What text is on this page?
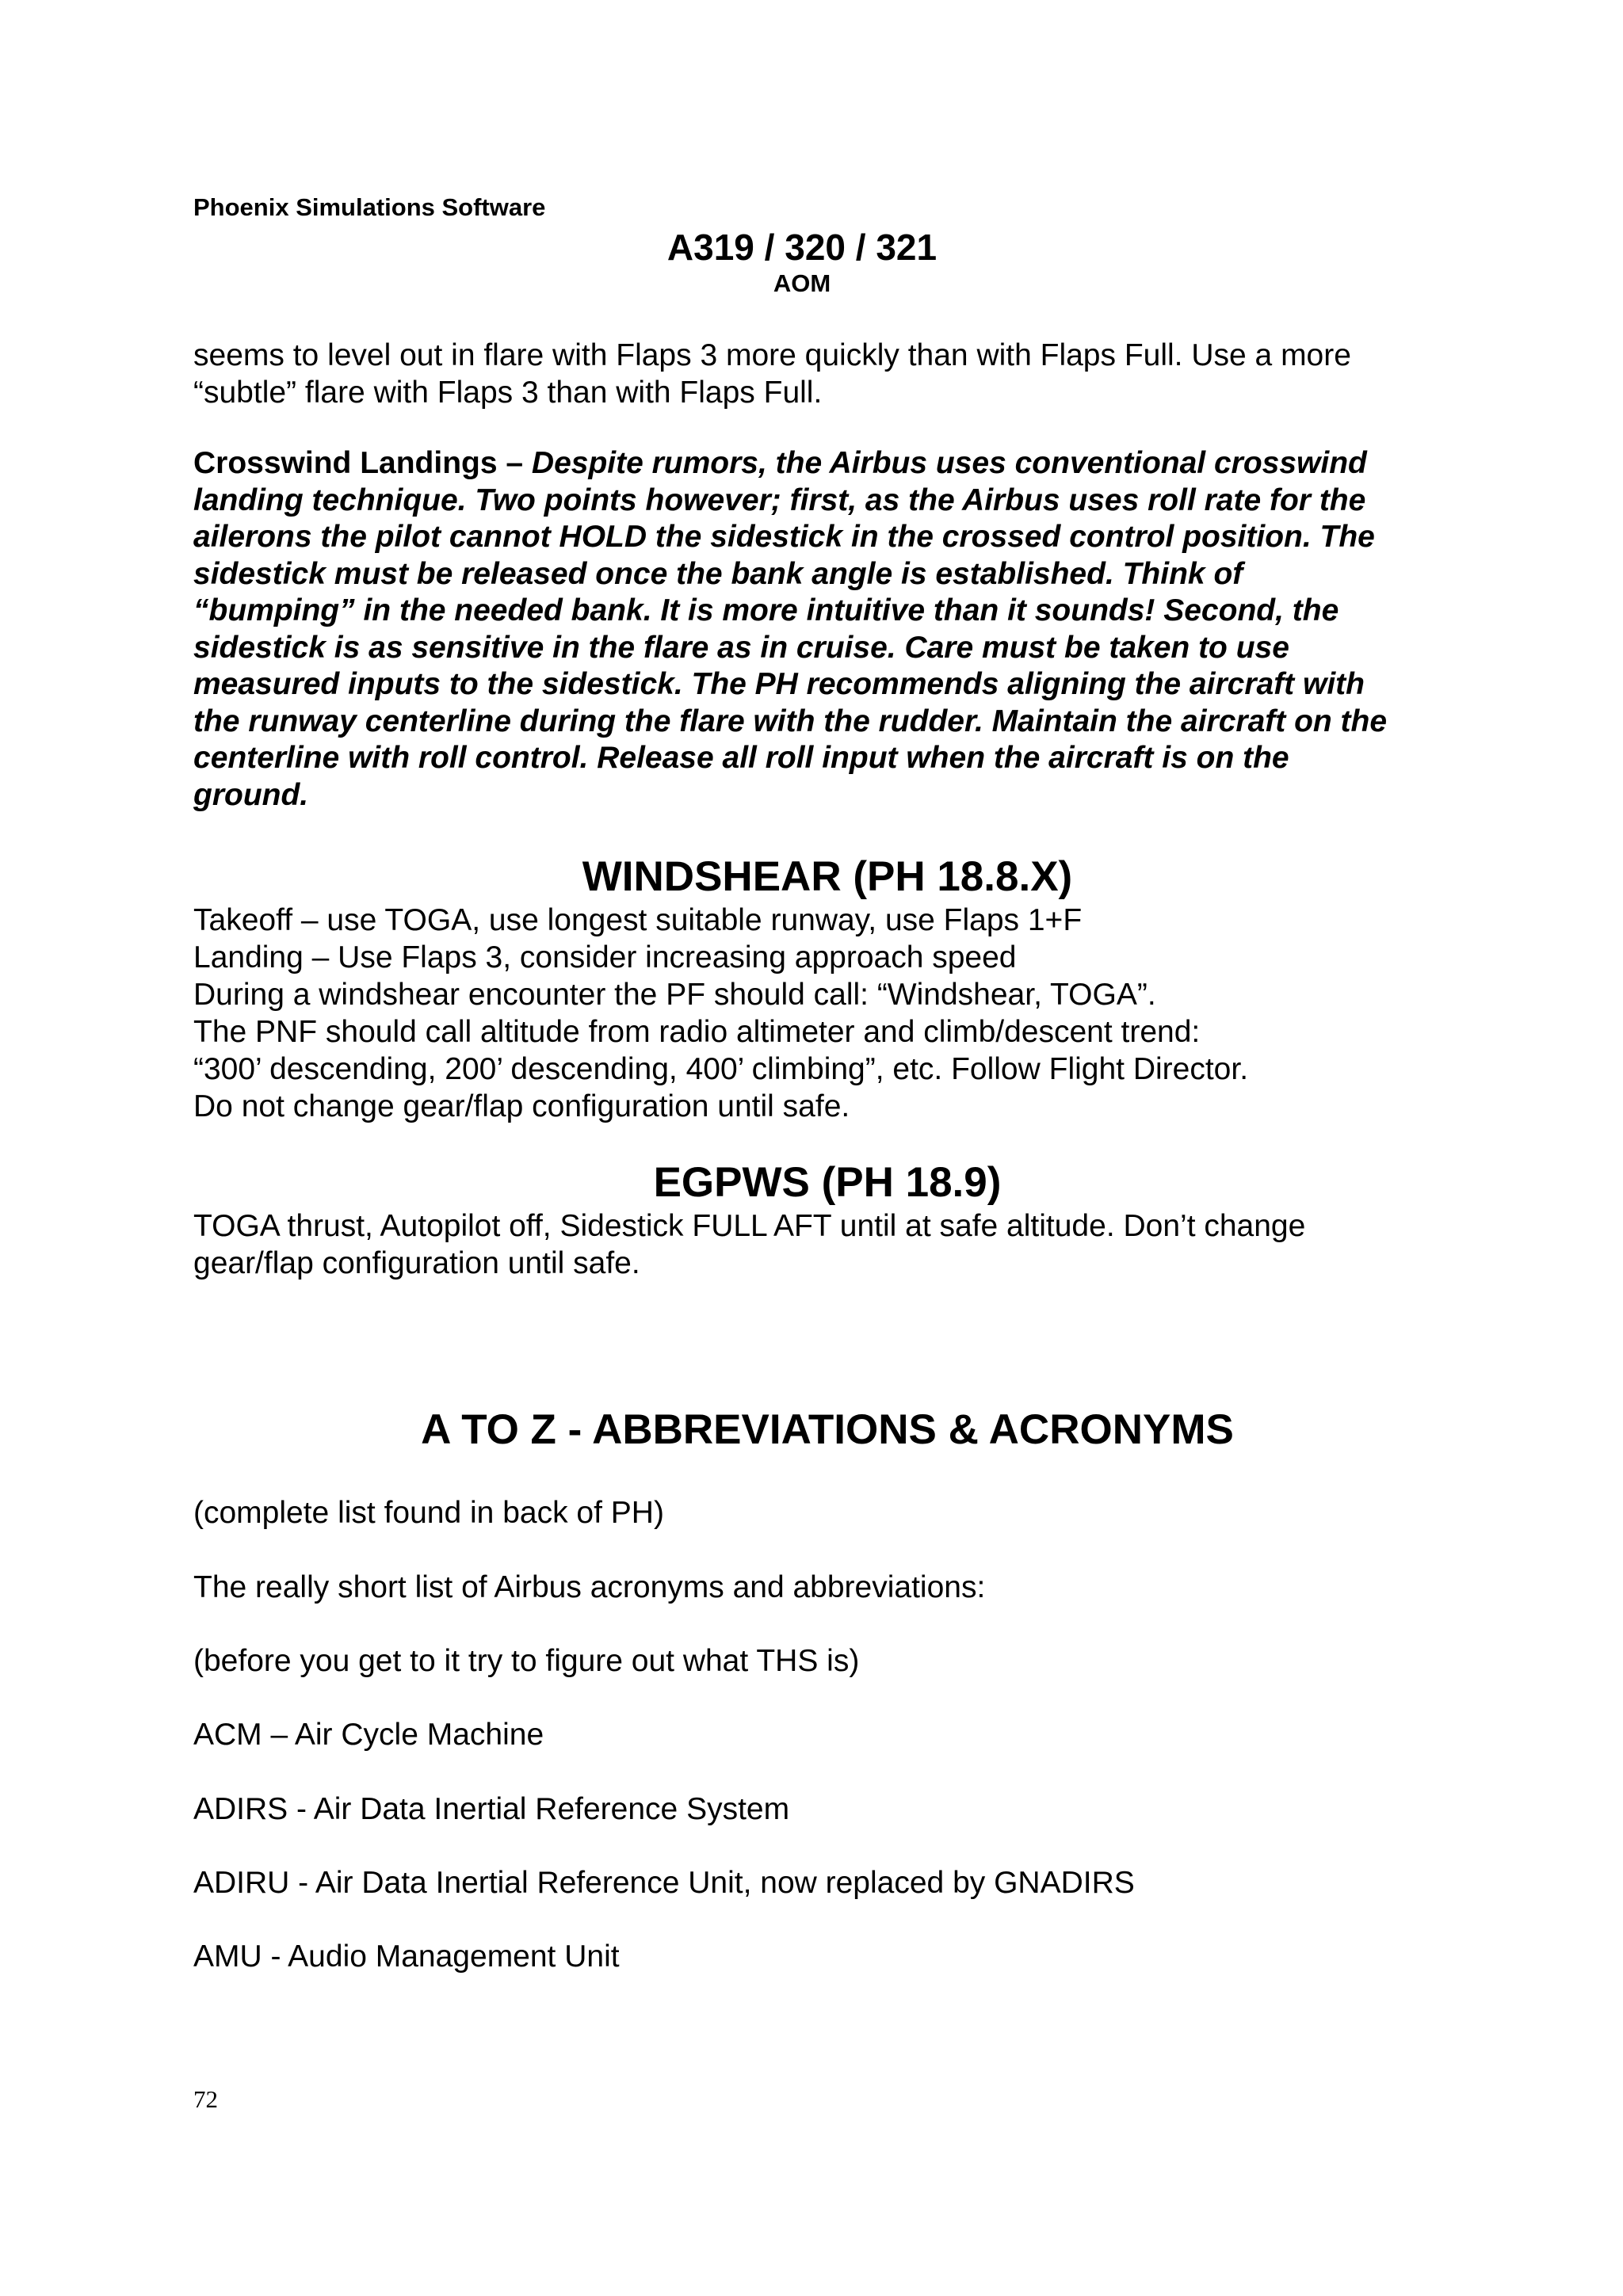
Phoenix Simulations Software
A319 / 320 / 321
AOM
seems to level out in flare with Flaps 3 more quickly than with Flaps Full. Use a more
“subtle” flare with Flaps 3 than with Flaps Full.
Crosswind Landings – Despite rumors, the Airbus uses conventional crosswind
landing technique. Two points however; first, as the Airbus uses roll rate for the
ailerons the pilot cannot HOLD the sidestick in the crossed control position. The
sidestick must be released once the bank angle is established. Think of
“bumping” in the needed bank. It is more intuitive than it sounds! Second, the
sidestick is as sensitive in the flare as in cruise. Care must be taken to use
measured inputs to the sidestick. The PH recommends aligning the aircraft with
the runway centerline during the flare with the rudder. Maintain the aircraft on the
centerline with roll control. Release all roll input when the aircraft is on the
ground.
WINDSHEAR (PH 18.8.X)
Takeoff – use TOGA, use longest suitable runway, use Flaps 1+F
Landing – Use Flaps 3, consider increasing approach speed
During a windshear encounter the PF should call: “Windshear, TOGA”.
The PNF should call altitude from radio altimeter and climb/descent trend:
“300’ descending, 200’ descending, 400’ climbing”, etc. Follow Flight Director.
Do not change gear/flap configuration until safe.
EGPWS (PH 18.9)
TOGA thrust, Autopilot off, Sidestick FULL AFT until at safe altitude. Don’t change
gear/flap configuration until safe.
A TO Z - ABBREVIATIONS & ACRONYMS
(complete list found in back of PH)
The really short list of Airbus acronyms and abbreviations:
(before you get to it try to figure out what THS is)
ACM – Air Cycle Machine
ADIRS - Air Data Inertial Reference System
ADIRU - Air Data Inertial Reference Unit, now replaced by GNADIRS
AMU - Audio Management Unit
72
